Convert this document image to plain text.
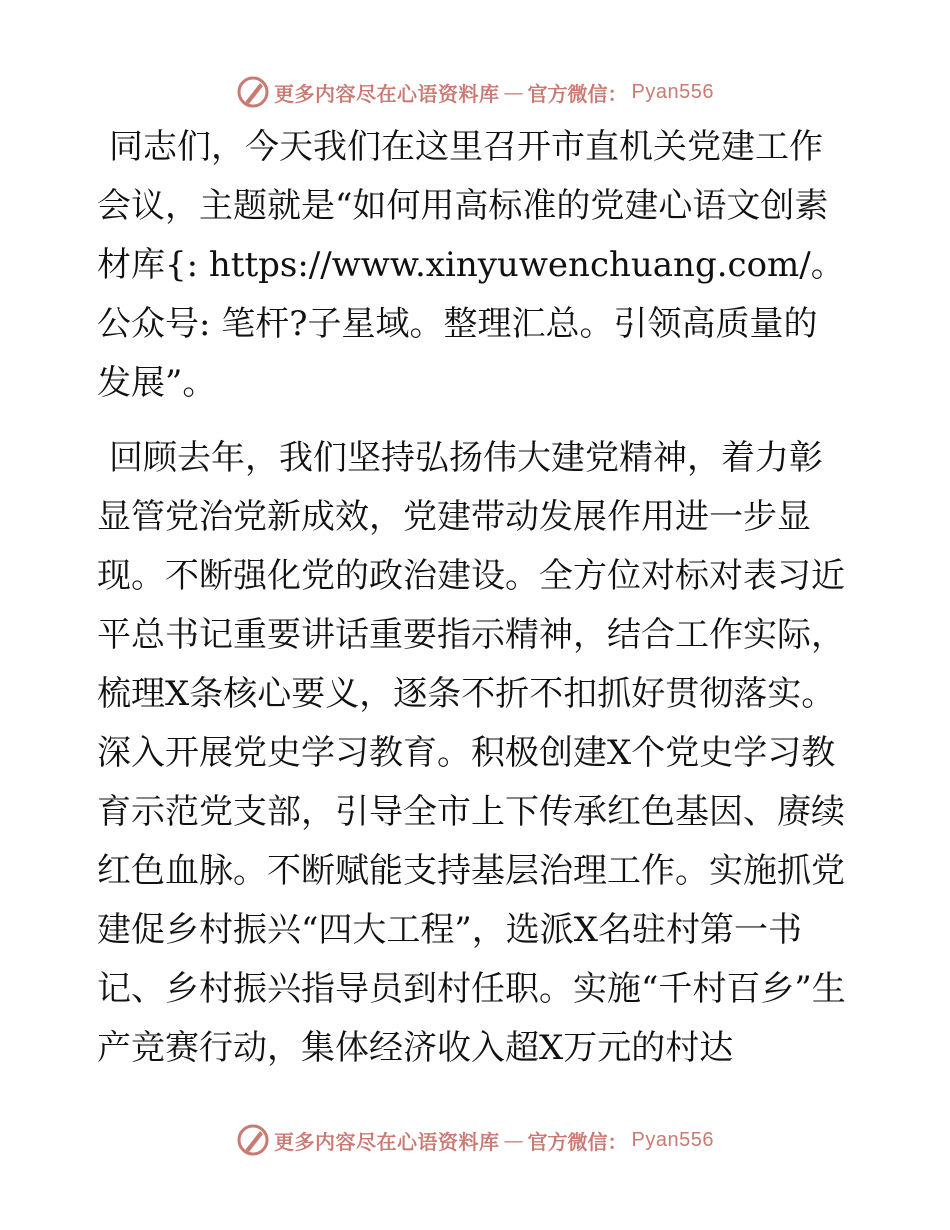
更多内容尽在心语资料库 — 官方微信： Pyan556

同志们，今天我们在这里召开市直机关党建工作会议，主题就是“如何用高标准的党建心语文创素材库{: https://www.xinyuwenchuang.com/。公众号: 笔杆?子星域。整理汇总。引领高质量的发展”。

回顾去年，我们坚持弘扬伟大建党精神，着力彰显管党治党新成效，党建带动发展作用进一步显现。不断强化党的政治建设。全方位对标对表习近平总书记重要讲话重要指示精神，结合工作实际，梳理X条核心要义，逐条不折不扣抓好贯彻落实。深入开展党史学习教育。积极创建X个党史学习教育示范党支部，引导全市上下传承红色基因、赓续红色血脉。不断赋能支持基层治理工作。实施抓党建促乡村振兴“四大工程”，选派X名驻村第一书记、乡村振兴指导员到村任职。实施“千村百乡”生产竞赛行动，集体经济收入超X万元的村达

更多内容尽在心语资料库 — 官方微信： Pyan556
